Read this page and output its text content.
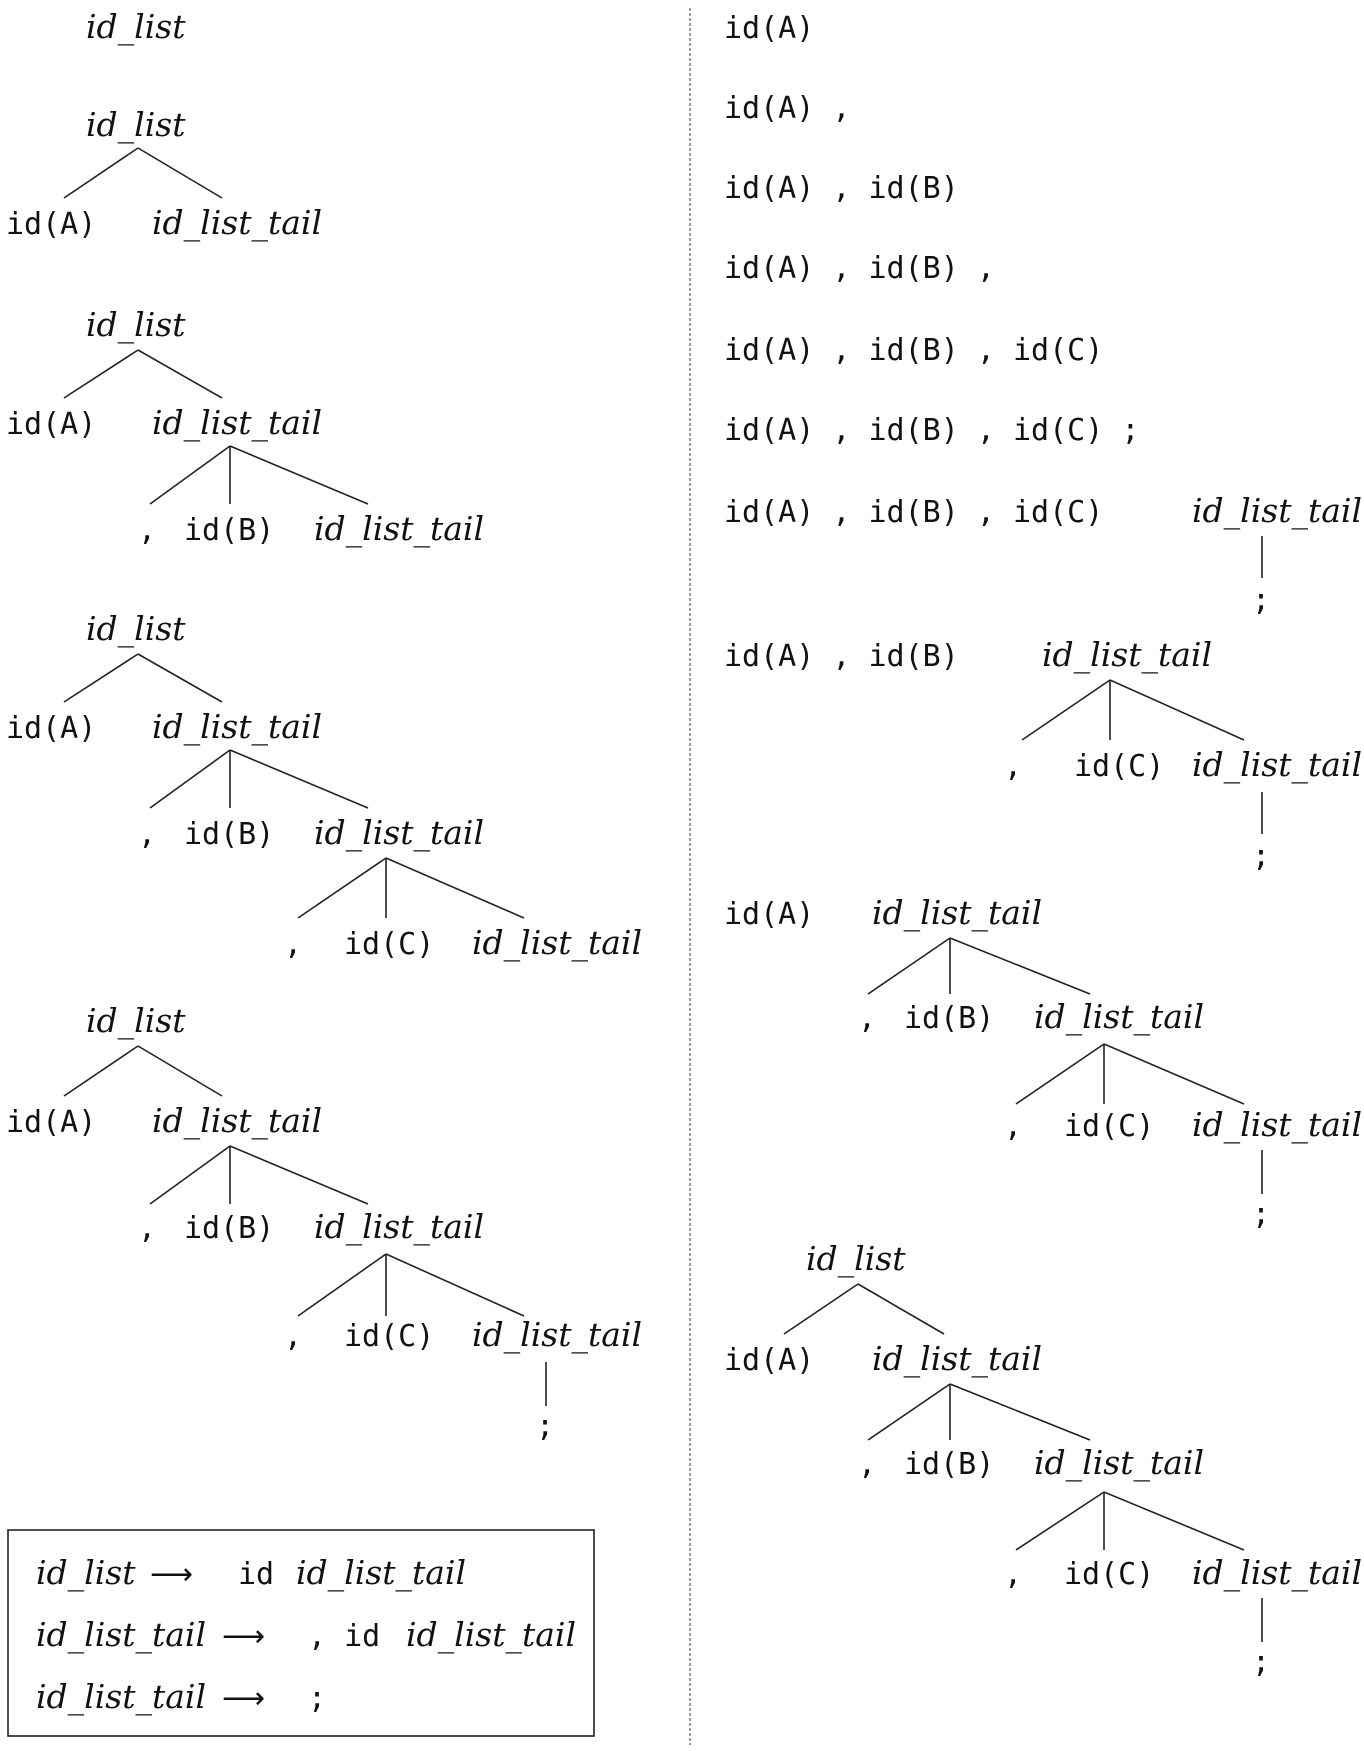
id_list
id_list
id(A) id_list_tail
id_list
id(A) id_list_tail
, id(B) id_list_tail
id_list
id(A) id_list_tail
, id(B) id_list_tail
, id(C) id_list_tail
id_list
id(A) id_list_tail
, id(B) id_list_tail
, id(C) id_list_tail
;
id_list ⟶ id id_list_tail
id_list_tail ⟶ , id id_list_tail
id_list_tail ⟶ ;
id(A)
id(A) ,
id(A) , id(B)
id(A) , id(B) ,
id(A) , id(B) , id(C)
id(A) , id(B) , id(C) ;
id(A) , id(B) , id(C)	id_list_tail
;
id(A) , id(B)	id_list_tail
, id(C) id_list_tail
;
id(A) id_list_tail
, id(B) id_list_tail
, id(C) id_list_tail
;
id_list
id(A) id_list_tail
, id(B) id_list_tail
, id(C) id_list_tail
;
